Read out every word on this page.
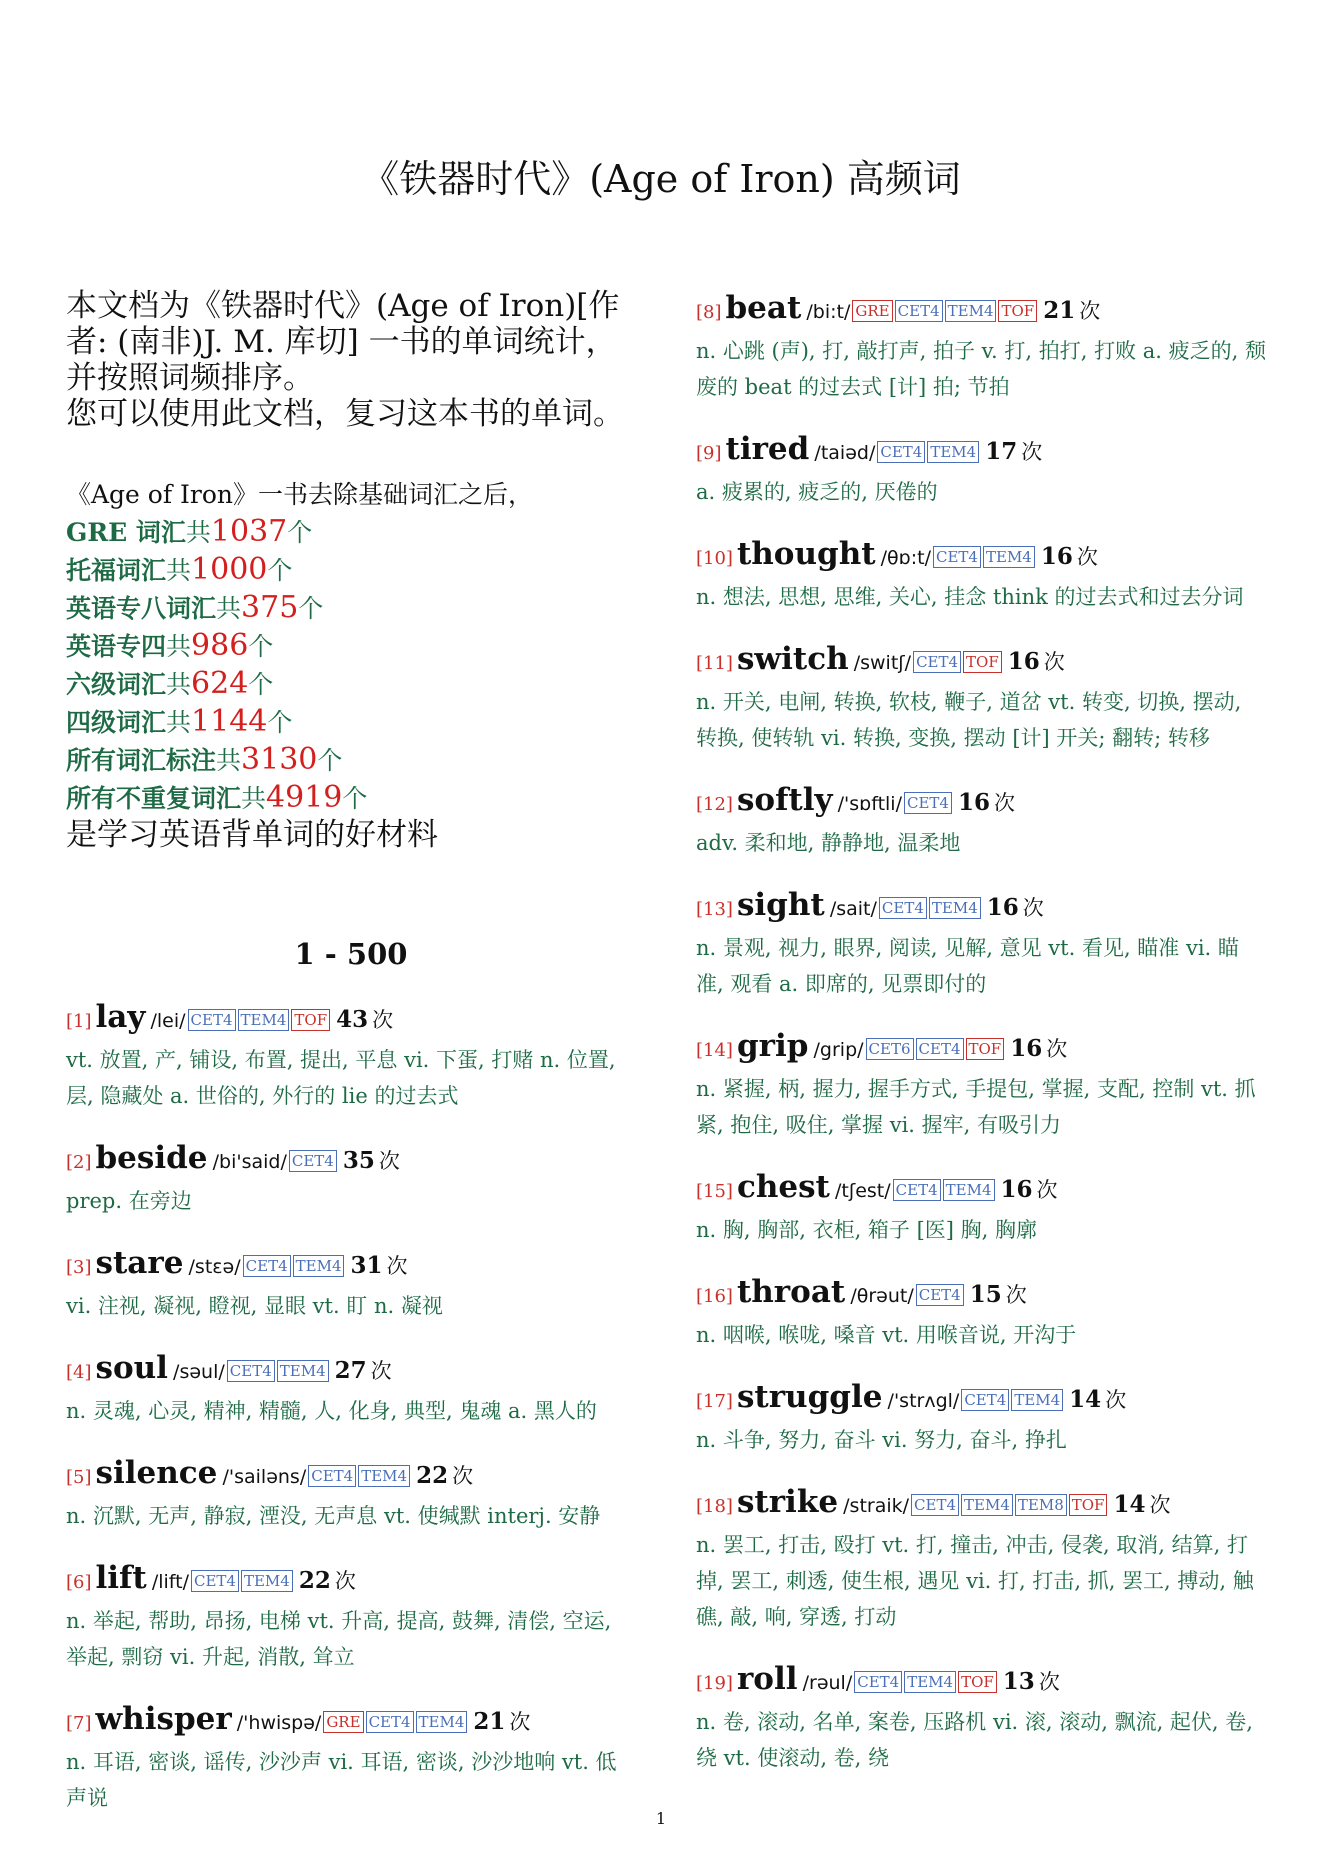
《铁器时代》(Age of Iron) 高频词

本文档为《铁器时代》(Age of Iron)[作者: (南非)J. M. 库切] 一书的单词统计，并按照词频排序。

您可以使用此文档，复习这本书的单词。

《Age of Iron》一书去除基础词汇之后，
GRE 词汇共1037个
托福词汇共1000个
英语专八词汇共375个
英语专四共986个
六级词汇共624个
四级词汇共1144个
所有词汇标注共3130个
所有不重复词汇共4919个
是学习英语背单词的好材料
1 - 500
[1] lay /lei/ CET4 TEM4 TOF 43 次
vt. 放置, 产, 铺设, 布置, 提出, 平息 vi. 下蛋, 打赌 n. 位置, 层, 隐藏处 a. 世俗的, 外行的 lie 的过去式
[2] beside /bi'said/ CET4 35 次
prep. 在旁边
[3] stare /stɛə/ CET4 TEM4 31 次
vi. 注视, 凝视, 瞪视, 显眼 vt. 盯 n. 凝视
[4] soul /səul/ CET4 TEM4 27 次
n. 灵魂, 心灵, 精神, 精髓, 人, 化身, 典型, 鬼魂 a. 黑人的
[5] silence /'sailəns/ CET4 TEM4 22 次
n. 沉默, 无声, 静寂, 湮没, 无声息 vt. 使缄默 interj. 安静
[6] lift /lift/ CET4 TEM4 22 次
n. 举起, 帮助, 昂扬, 电梯 vt. 升高, 提高, 鼓舞, 清偿, 空运, 举起, 剽窃 vi. 升起, 消散, 耸立
[7] whisper /'hwispə/ GRE CET4 TEM4 21 次
n. 耳语, 密谈, 谣传, 沙沙声 vi. 耳语, 密谈, 沙沙地响 vt. 低声说
[8] beat /bi:t/ GRE CET4 TEM4 TOF 21 次
n. 心跳 (声), 打, 敲打声, 拍子 v. 打, 拍打, 打败 a. 疲乏的, 颓废的 beat 的过去式 [计] 拍; 节拍
[9] tired /taiəd/ CET4 TEM4 17 次
a. 疲累的, 疲乏的, 厌倦的
[10] thought /θɒ:t/ CET4 TEM4 16 次
n. 想法, 思想, 思维, 关心, 挂念 think 的过去式和过去分词
[11] switch /switʃ/ CET4 TOF 16 次
n. 开关, 电闸, 转换, 软枝, 鞭子, 道岔 vt. 转变, 切换, 摆动, 转换, 使转轨 vi. 转换, 变换, 摆动 [计] 开关; 翻转; 转移
[12] softly /'sɒftli/ CET4 16 次
adv. 柔和地, 静静地, 温柔地
[13] sight /sait/ CET4 TEM4 16 次
n. 景观, 视力, 眼界, 阅读, 见解, 意见 vt. 看见, 瞄准 vi. 瞄准, 观看 a. 即席的, 见票即付的
[14] grip /grip/ CET6 CET4 TOF 16 次
n. 紧握, 柄, 握力, 握手方式, 手提包, 掌握, 支配, 控制 vt. 抓紧, 抱住, 吸住, 掌握 vi. 握牢, 有吸引力
[15] chest /tʃest/ CET4 TEM4 16 次
n. 胸, 胸部, 衣柜, 箱子 [医] 胸, 胸廓
[16] throat /θrəut/ CET4 15 次
n. 咽喉, 喉咙, 嗓音 vt. 用喉音说, 开沟于
[17] struggle /'strʌgl/ CET4 TEM4 14 次
n. 斗争, 努力, 奋斗 vi. 努力, 奋斗, 挣扎
[18] strike /straik/ CET4 TEM4 TEM8 TOF 14 次
n. 罢工, 打击, 殴打 vt. 打, 撞击, 冲击, 侵袭, 取消, 结算, 打掉, 罢工, 刺透, 使生根, 遇见 vi. 打, 打击, 抓, 罢工, 搏动, 触礁, 敲, 响, 穿透, 打动
[19] roll /rəul/ CET4 TEM4 TOF 13 次
n. 卷, 滚动, 名单, 案卷, 压路机 vi. 滚, 滚动, 飘流, 起伏, 卷, 绕 vt. 使滚动, 卷, 绕
1
